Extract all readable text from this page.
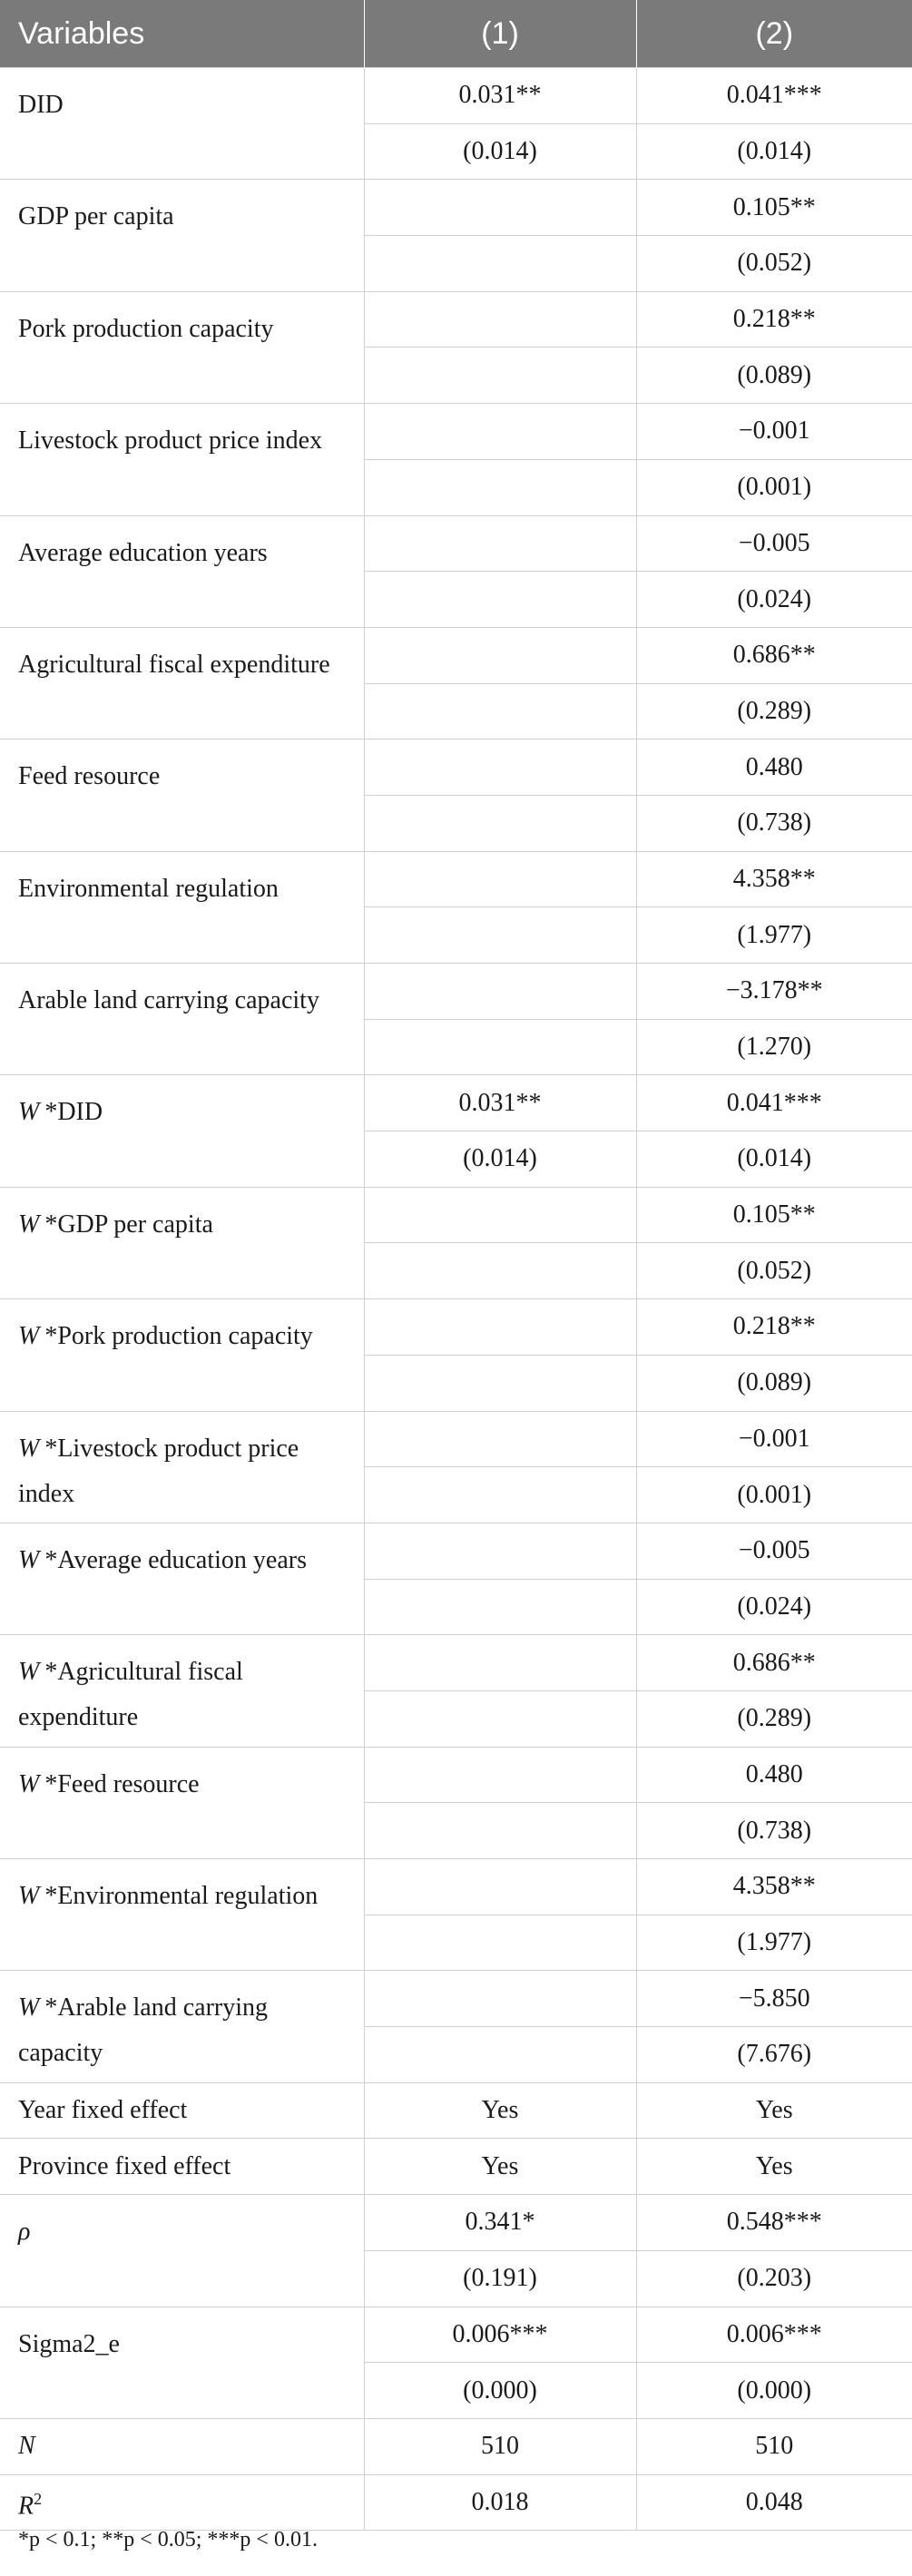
Variables	(1)	(2)
DID	0.031**	0.041***
	(0.014)	(0.014)
GDP per capita		0.105**
		(0.052)
Pork production capacity		0.218**
		(0.089)
Livestock product price index		−0.001
		(0.001)
Average education years		−0.005
		(0.024)
Agricultural fiscal expenditure		0.686**
		(0.289)
Feed resource		0.480
		(0.738)
Environmental regulation		4.358**
		(1.977)
Arable land carrying capacity		−3.178**
		(1.270)
W *DID	0.031**	0.041***
	(0.014)	(0.014)
W *GDP per capita		0.105**
		(0.052)
W *Pork production capacity		0.218**
		(0.089)
W *Livestock product price index		−0.001
		(0.001)
W *Average education years		−0.005
		(0.024)
W *Agricultural fiscal expenditure		0.686**
		(0.289)
W *Feed resource		0.480
		(0.738)
W *Environmental regulation		4.358**
		(1.977)
W *Arable land carrying capacity		−5.850
		(7.676)
Year fixed effect	Yes	Yes
Province fixed effect	Yes	Yes
ρ	0.341*	0.548***
	(0.191)	(0.203)
Sigma2_e	0.006***	0.006***
	(0.000)	(0.000)
N	510	510
$R^2$	0.018	0.048
*p < 0.1; **p < 0.05; ***p < 0.01.
